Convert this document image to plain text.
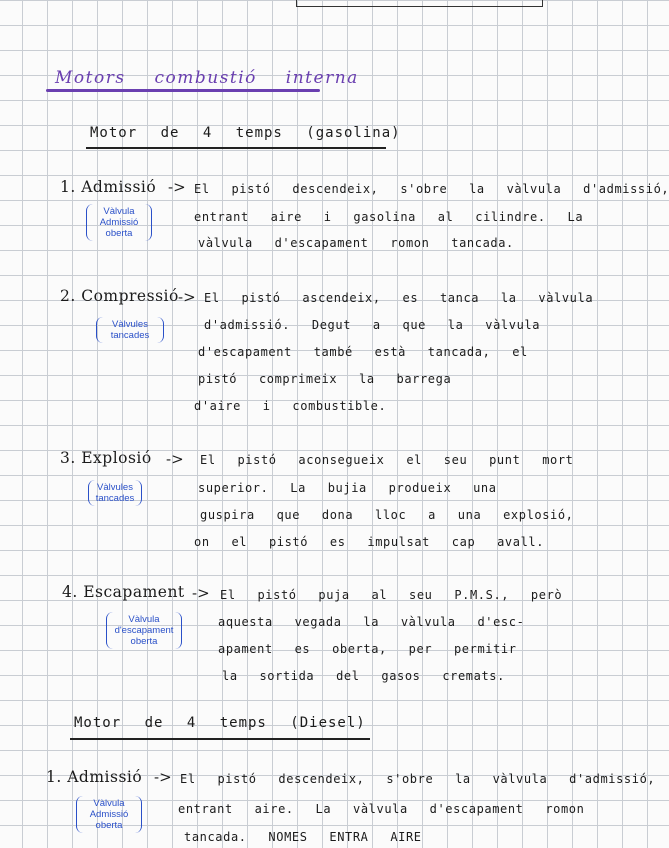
Motors combustió interna
Motor de 4 temps (gasolina)
1. Admissió -> El pistó descendeix, s'obre la vàlvula d'admissió,
entrant aire i gasolina al cilindre. La
vàlvula d'escapament romon tancada.
Vàlvula
Admissió
oberta
2. Compressió -> El pistó ascendeix, es tanca la vàlvula
d'admissió. Degut a que la vàlvula
d'escapament també està tancada, el
pistó comprimeix la barrega
d'aire i combustible.
Vàlvules
tancades
3. Explosió -> El pistó aconsegueix el seu punt mort
superior. La bujia produeix una
guspira que dona lloc a una explosió,
on el pistó es impulsat cap avall.
Vàlvules
tancades
4. Escapament -> El pistó puja al seu P.M.S., però
aquesta vegada la vàlvula d'esc-
apament es oberta, per permitir
la sortida del gasos cremats.
Vàlvula
d'escapament
oberta
Motor de 4 temps (Diesel)
1. Admissió -> El pistó descendeix, s'obre la vàlvula d'admissió,
entrant aire. La vàlvula d'escapament romon
tancada. NOMES ENTRA AIRE
Vàlvula
Admissió
oberta
